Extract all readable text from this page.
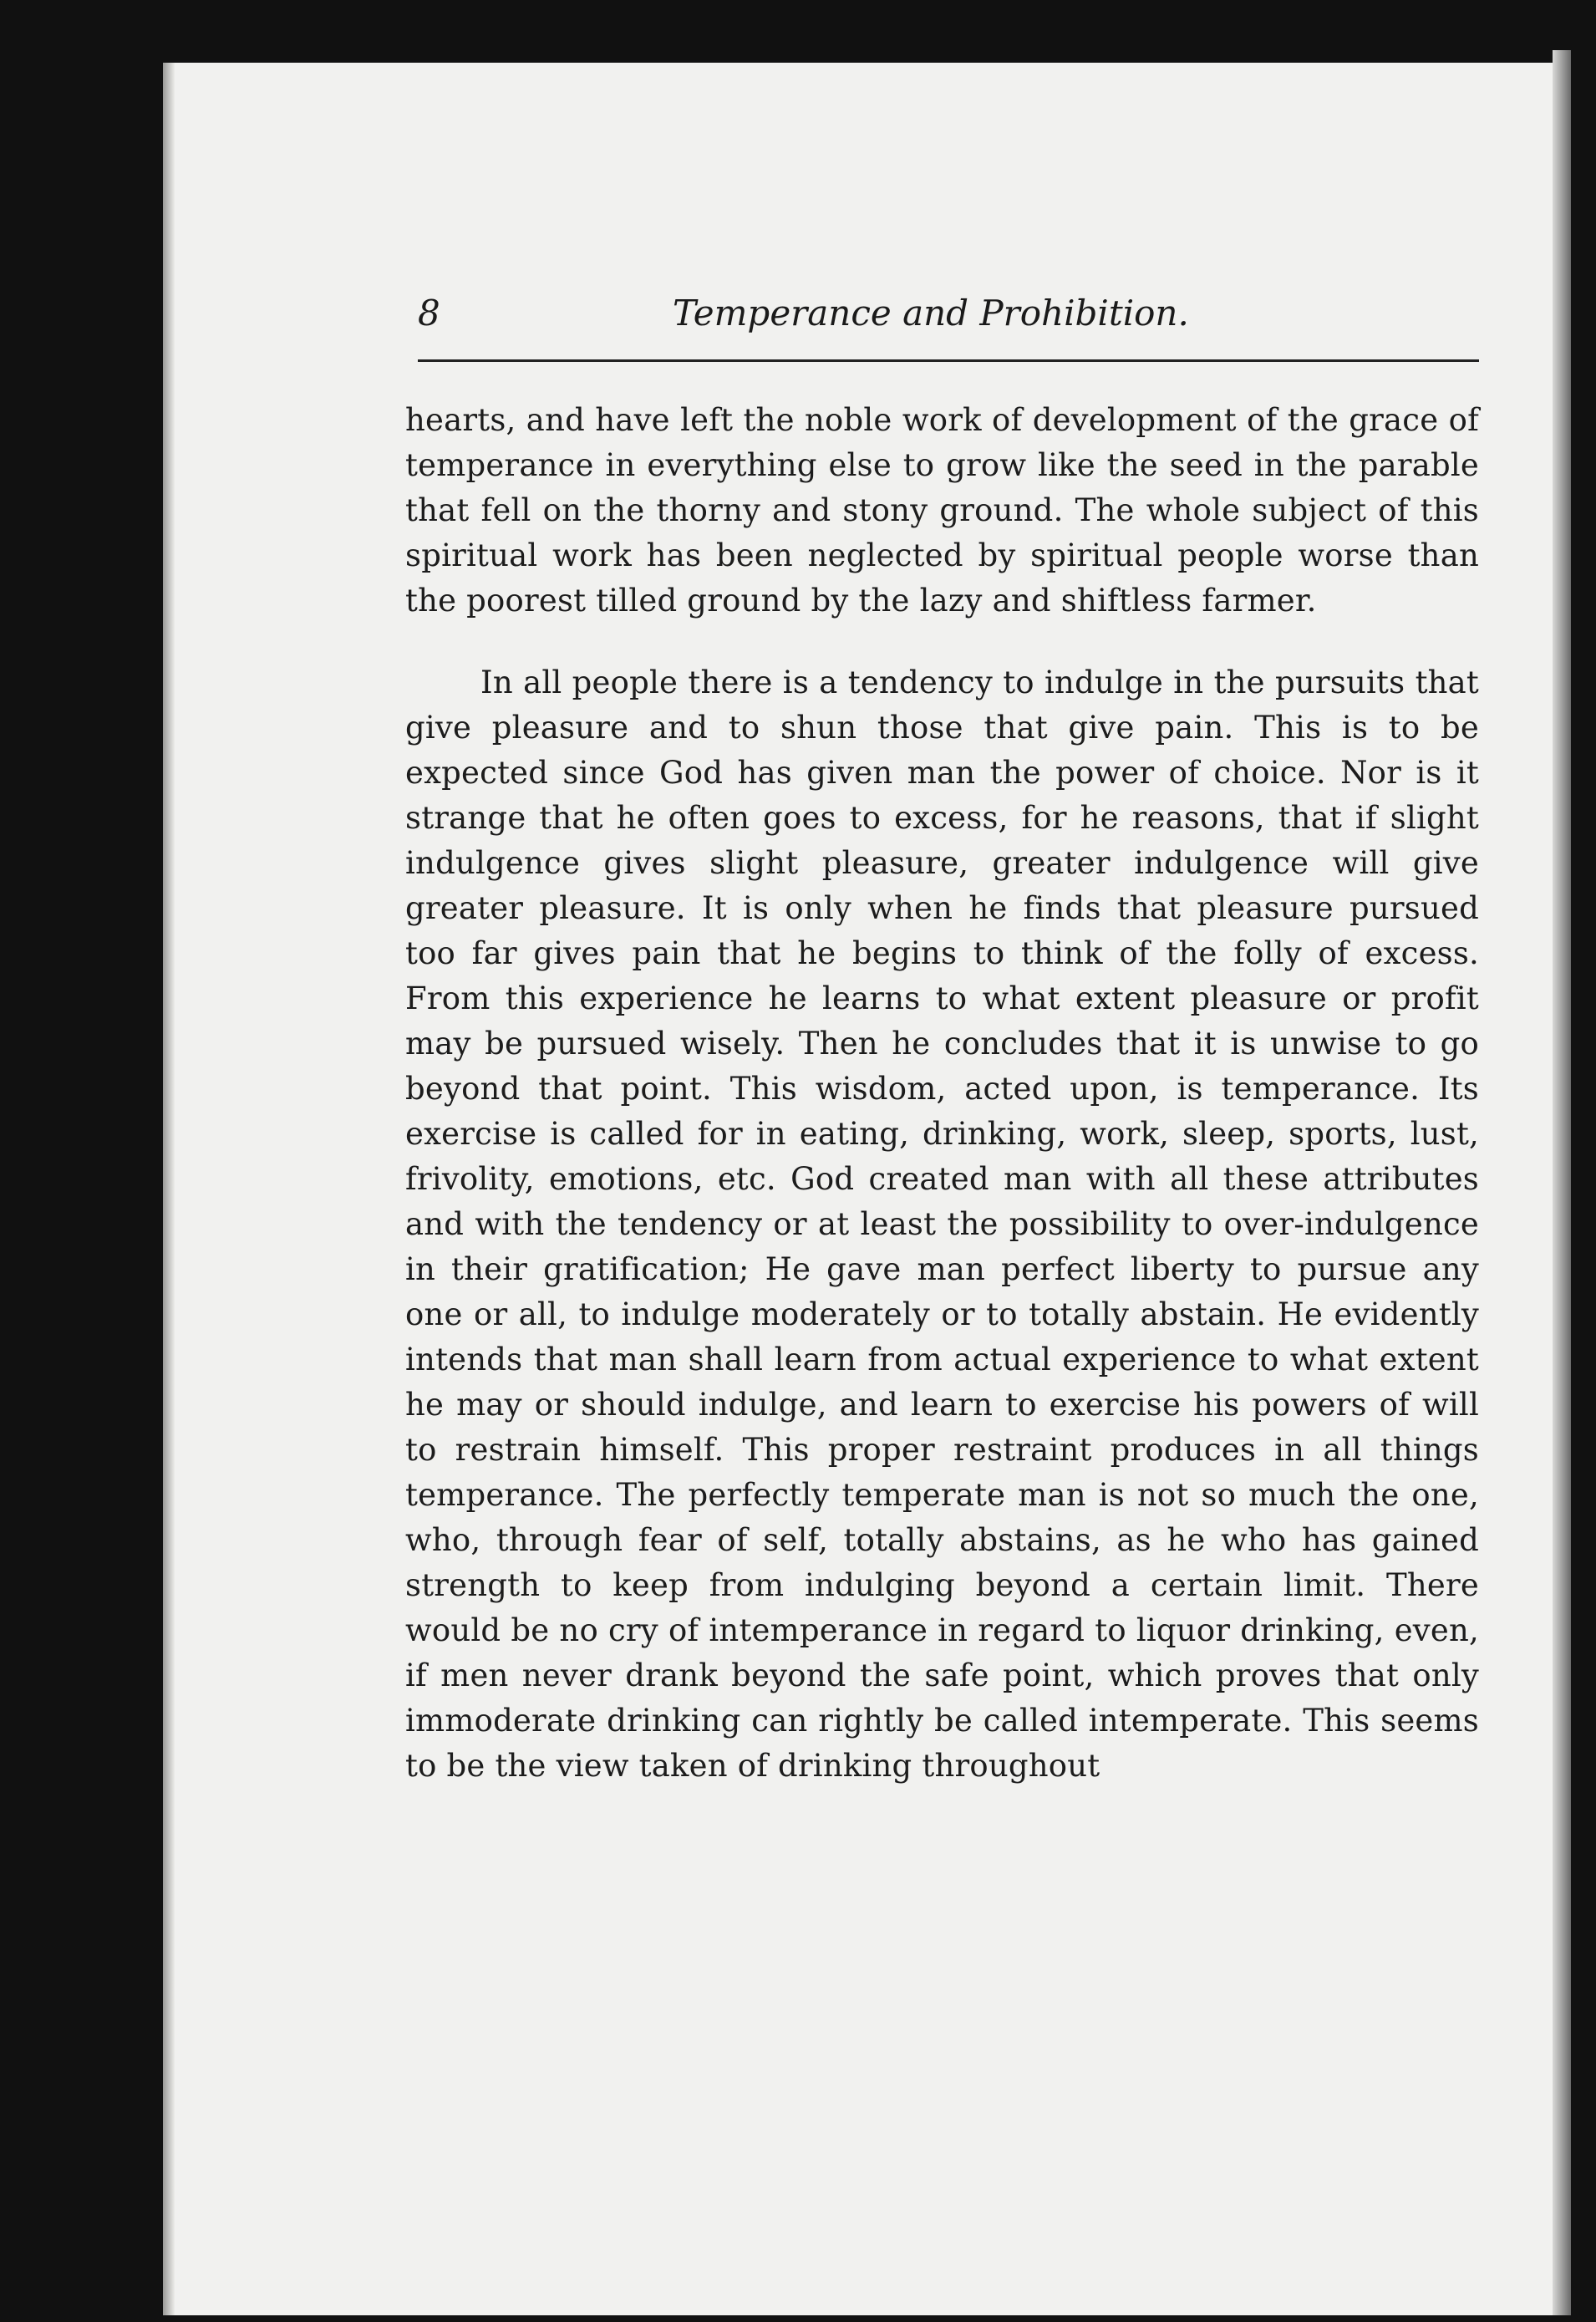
8	Temperance and Prohibition.

hearts, and have left the noble work of development of the grace of temperance in everything else to grow like the seed in the parable that fell on the thorny and stony ground. The whole subject of this spiritual work has been neglected by spiritual people worse than the poorest tilled ground by the lazy and shiftless farmer.

In all people there is a tendency to indulge in the pursuits that give pleasure and to shun those that give pain. This is to be expected since God has given man the power of choice. Nor is it strange that he often goes to excess, for he reasons, that if slight indulgence gives slight pleasure, greater indulgence will give greater pleasure. It is only when he finds that pleasure pursued too far gives pain that he begins to think of the folly of excess. From this experience he learns to what extent pleasure or profit may be pursued wisely. Then he concludes that it is unwise to go beyond that point. This wisdom, acted upon, is temperance. Its exercise is called for in eating, drinking, work, sleep, sports, lust, frivolity, emotions, etc. God created man with all these attributes and with the tendency or at least the possibility to over-indulgence in their gratification; He gave man perfect liberty to pursue any one or all, to indulge moderately or to totally abstain. He evidently intends that man shall learn from actual experience to what extent he may or should indulge, and learn to exercise his powers of will to restrain himself. This proper restraint produces in all things temperance. The perfectly temperate man is not so much the one, who, through fear of self, totally abstains, as he who has gained strength to keep from indulging beyond a certain limit. There would be no cry of intemperance in regard to liquor drinking, even, if men never drank beyond the safe point, which proves that only immoderate drinking can rightly be called intemperate. This seems to be the view taken of drinking throughout
